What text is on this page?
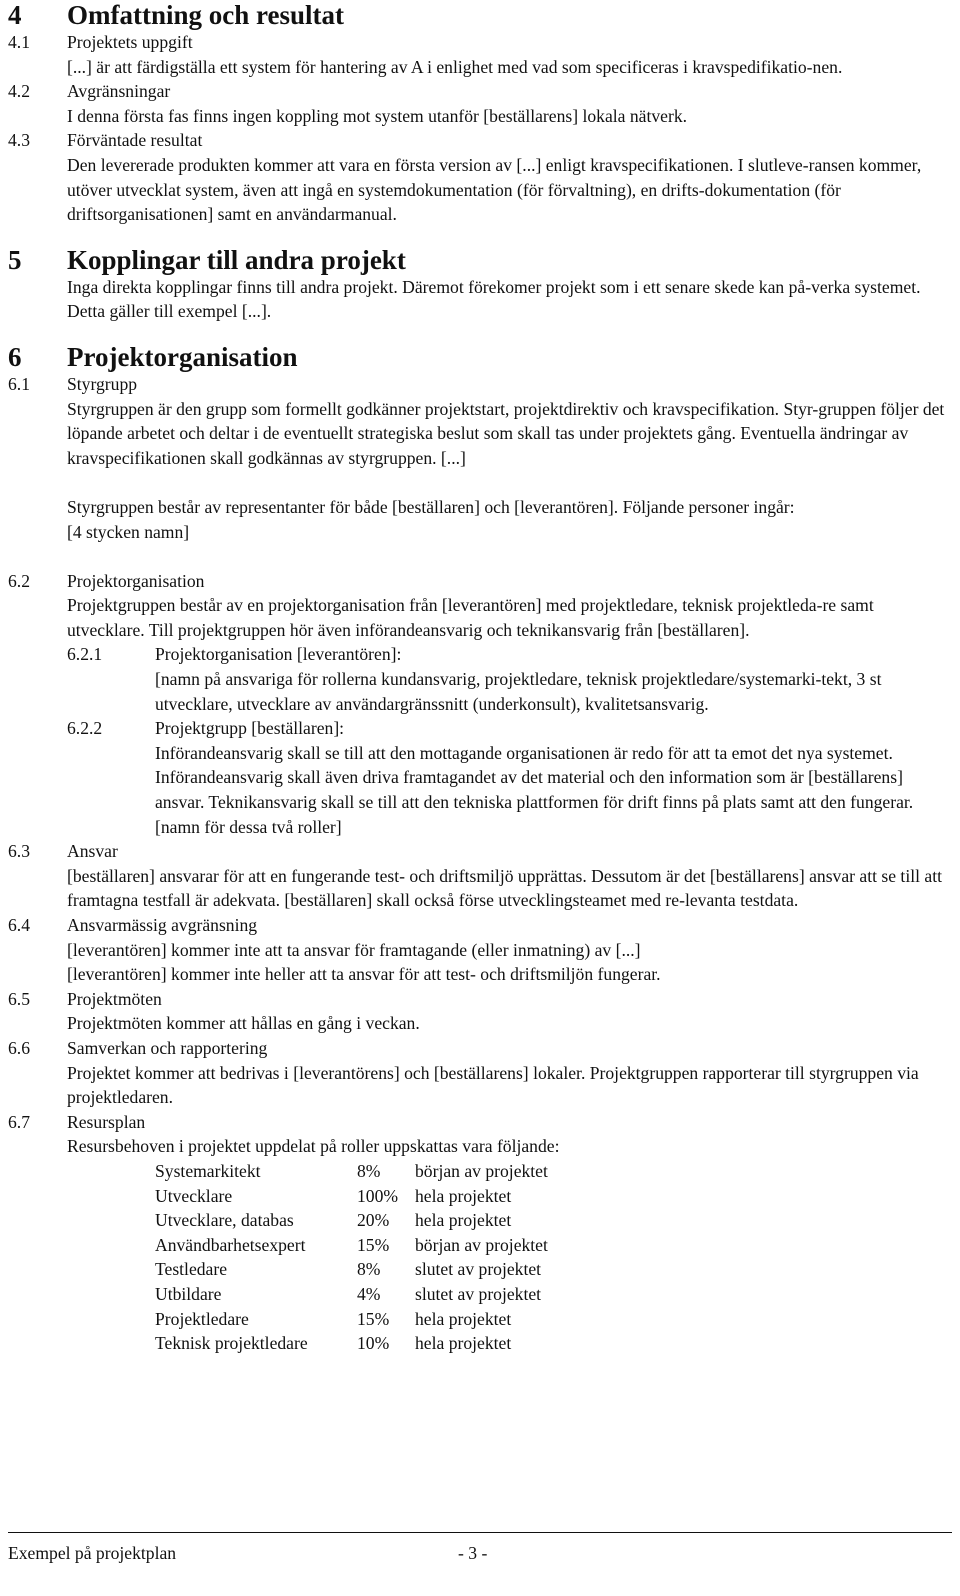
4	Omfattning och resultat
4.1	Projektets uppgift
[...] är att färdigställa ett system för hantering av A i enlighet med vad som specificeras i kravspedifikatio-nen.
4.2	Avgränsningar
I denna första fas finns ingen koppling mot system utanför [beställarens] lokala nätverk.
4.3	Förväntade resultat
Den levererade produkten kommer att vara en första version av [...] enligt kravspecifikationen. I slutleve-ransen kommer, utöver utvecklat system, även att ingå en systemdokumentation (för förvaltning), en drifts-dokumentation (för driftsorganisationen] samt en användarmanual.
5	Kopplingar till andra projekt
Inga direkta kopplingar finns till andra projekt. Däremot förekomer projekt som i ett senare skede kan på-verka systemet. Detta gäller till exempel [...].
6	Projektorganisation
6.1	Styrgrupp
Styrgruppen är den grupp som formellt godkänner projektstart, projektdirektiv och kravspecifikation. Styr-gruppen följer det löpande arbetet och deltar i de eventuellt strategiska beslut som skall tas under projektets gång. Eventuella ändringar av kravspecifikationen skall godkännas av styrgruppen. [...]
Styrgruppen består av representanter för både [beställaren] och [leverantören]. Följande personer ingår:
[4 stycken namn]
6.2	Projektorganisation
Projektgruppen består av en projektorganisation från [leverantören] med projektledare, teknisk projektleda-re samt utvecklare. Till projektgruppen hör även införandeansvarig och teknikansvarig från [beställaren].
6.2.1	Projektorganisation [leverantören]:
[namn på ansvariga för rollerna kundansvarig, projektledare, teknisk projektledare/systemarki-tekt, 3 st utvecklare, utvecklare av användargränssnitt (underkonsult), kvalitetsansvarig.
6.2.2	Projektgrupp [beställaren]:
Införandeansvarig skall se till att den mottagande organisationen är redo för att ta emot det nya systemet. Införandeansvarig skall även driva framtagandet av det material och den information som är [beställarens] ansvar. Teknikansvarig skall se till att den tekniska plattformen för drift finns på plats samt att den fungerar.
[namn för dessa två roller]
6.3	Ansvar
[beställaren] ansvarar för att en fungerande test- och driftsmiljö upprättas. Dessutom är det [beställarens] ansvar att se till att framtagna testfall är adekvata. [beställaren] skall också förse utvecklingsteamet med re-levanta testdata.
6.4	Ansvarmässig avgränsning
[leverantören] kommer inte att ta ansvar för framtagande (eller inmatning) av [...]
[leverantören] kommer inte heller att ta ansvar för att test- och driftsmiljön fungerar.
6.5	Projektmöten
Projektmöten kommer att hållas en gång i veckan.
6.6	Samverkan och rapportering
Projektet kommer att bedrivas i [leverantörens] och [beställarens] lokaler. Projektgruppen rapporterar till styrgruppen via projektledaren.
6.7	Resursplan
Resursbehoven i projektet uppdelat på roller uppskattas vara följande:
Systemarkitekt	8%	början av projektet
Utvecklare	100%	hela projektet
Utvecklare, databas	20%	hela projektet
Användbarhetsexpert	15%	början av projektet
Testledare	8%	slutet av projektet
Utbildare	4%	slutet av projektet
Projektledare	15%	hela projektet
Teknisk projektledare	10%	hela projektet
Exempel på projektplan	- 3 -
